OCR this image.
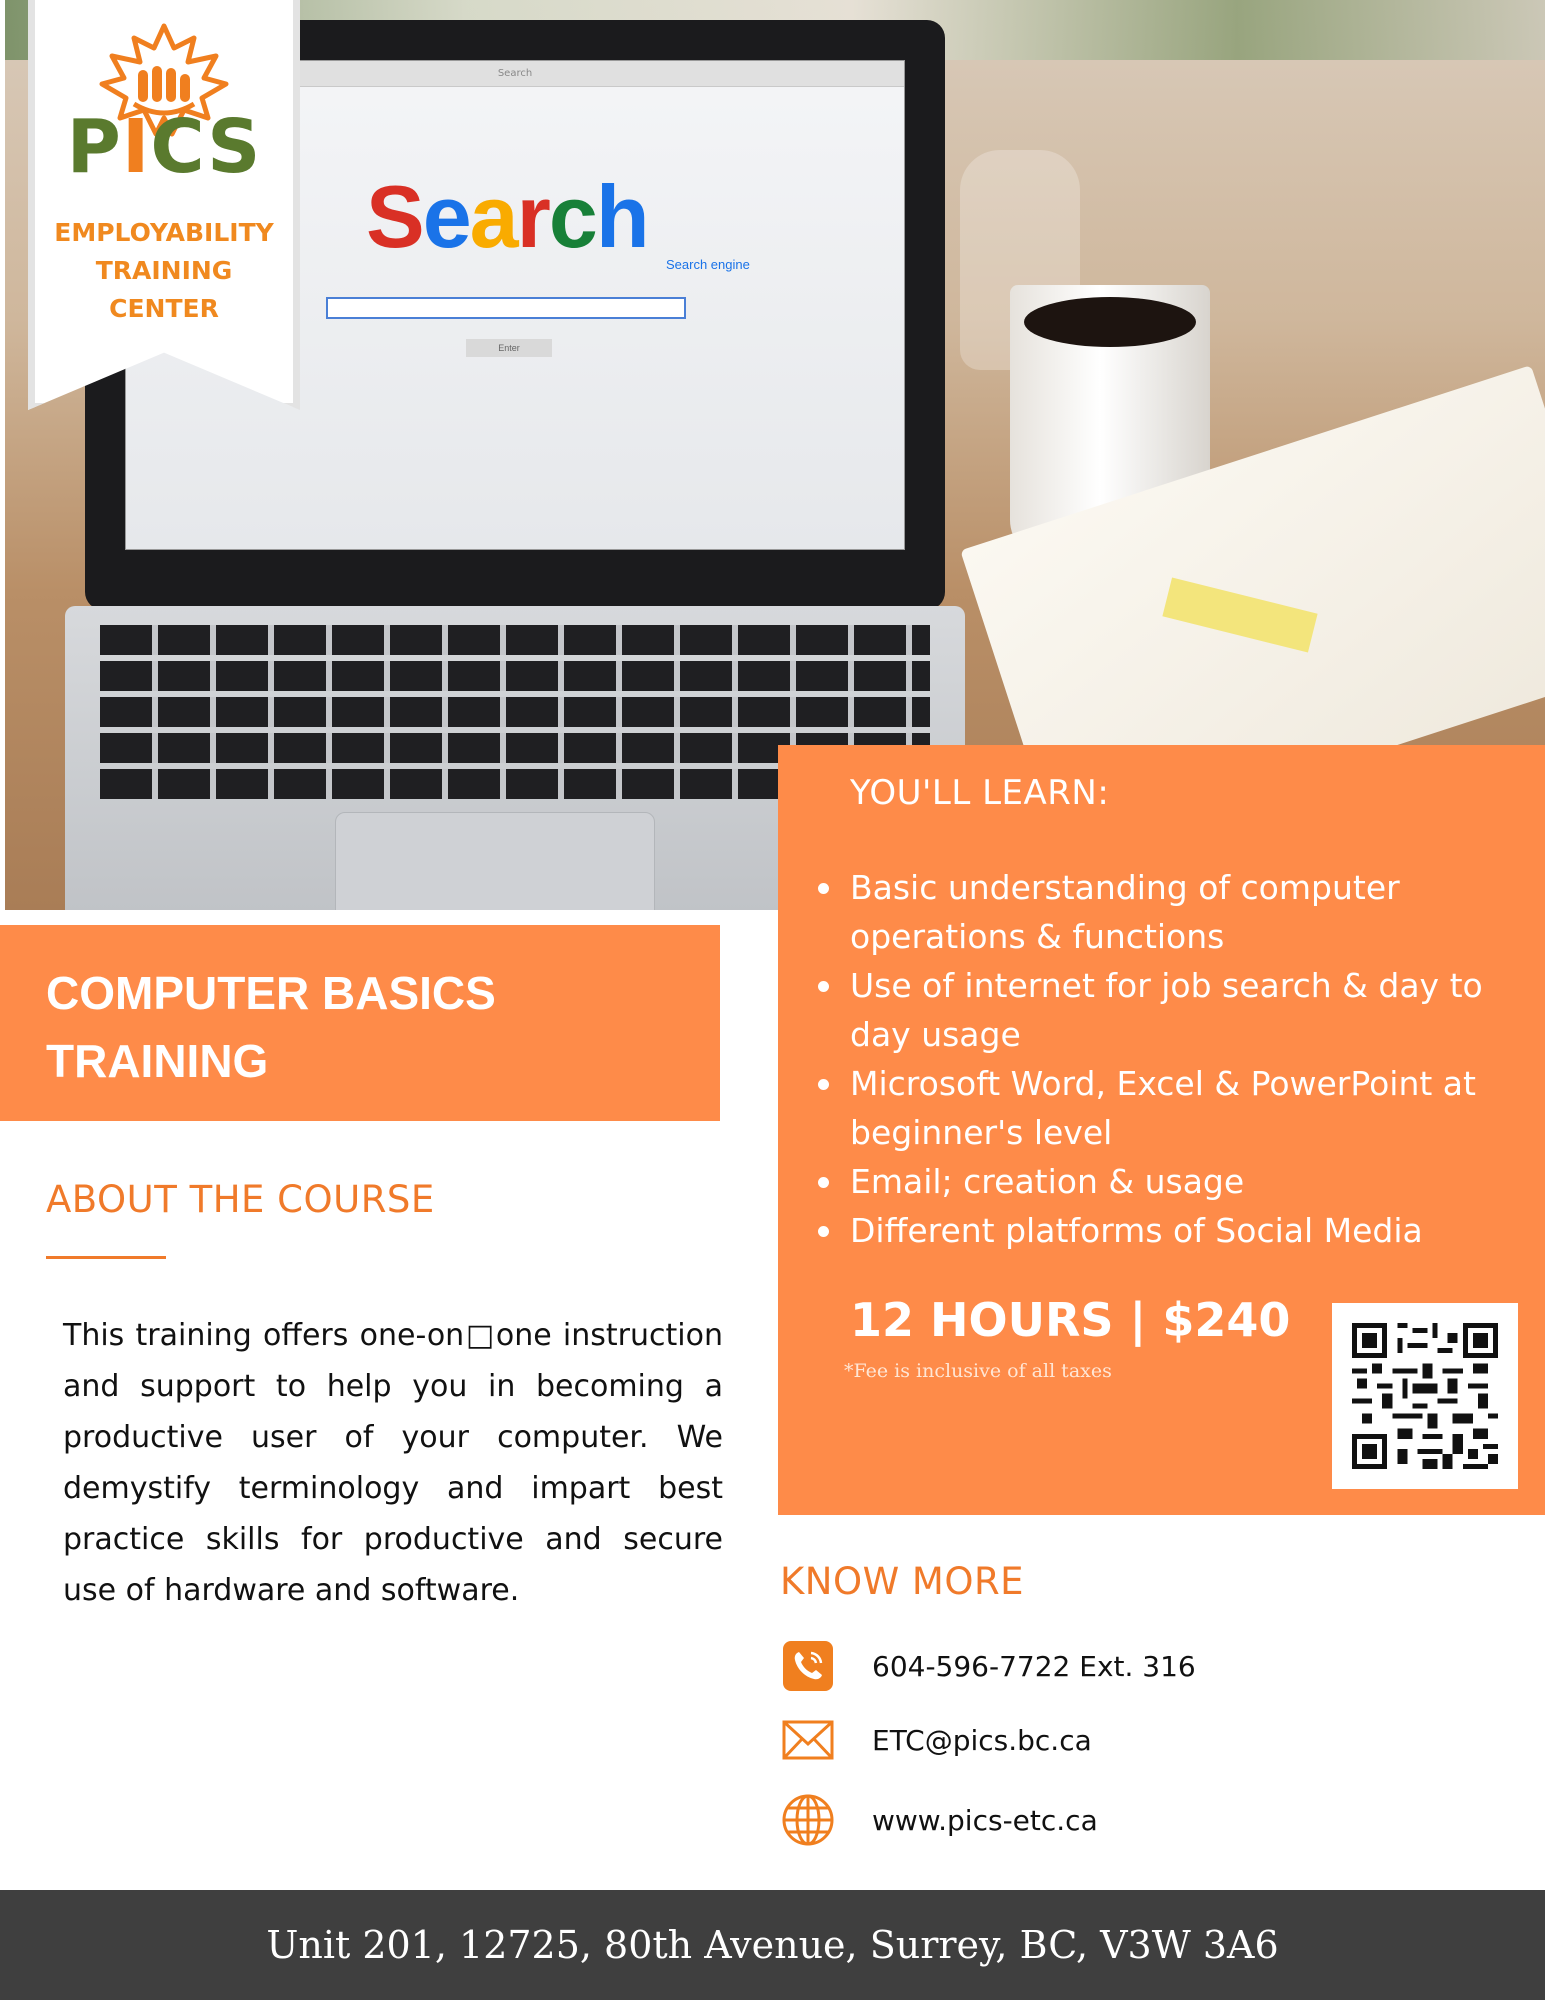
Search
Search Search engine
Enter
PICS
EMPLOYABILITY
TRAINING
CENTER
COMPUTER BASICS
TRAINING
ABOUT THE COURSE

This training offers one-on□one instruction and support to help you in becoming a productive user of your computer. We demystify terminology and impart best practice skills for productive and secure use of hardware and software.

YOU'LL LEARN:
Basic understanding of computer operations & functions
Use of internet for job search & day to day usage
Microsoft Word, Excel & PowerPoint at beginner's level
Email; creation & usage
Different platforms of Social Media
12 HOURS | $240
*Fee is inclusive of all taxes
KNOW MORE
604-596-7722 Ext. 316
ETC@pics.bc.ca
www.pics-etc.ca
Unit 201, 12725, 80th Avenue, Surrey, BC, V3W 3A6
